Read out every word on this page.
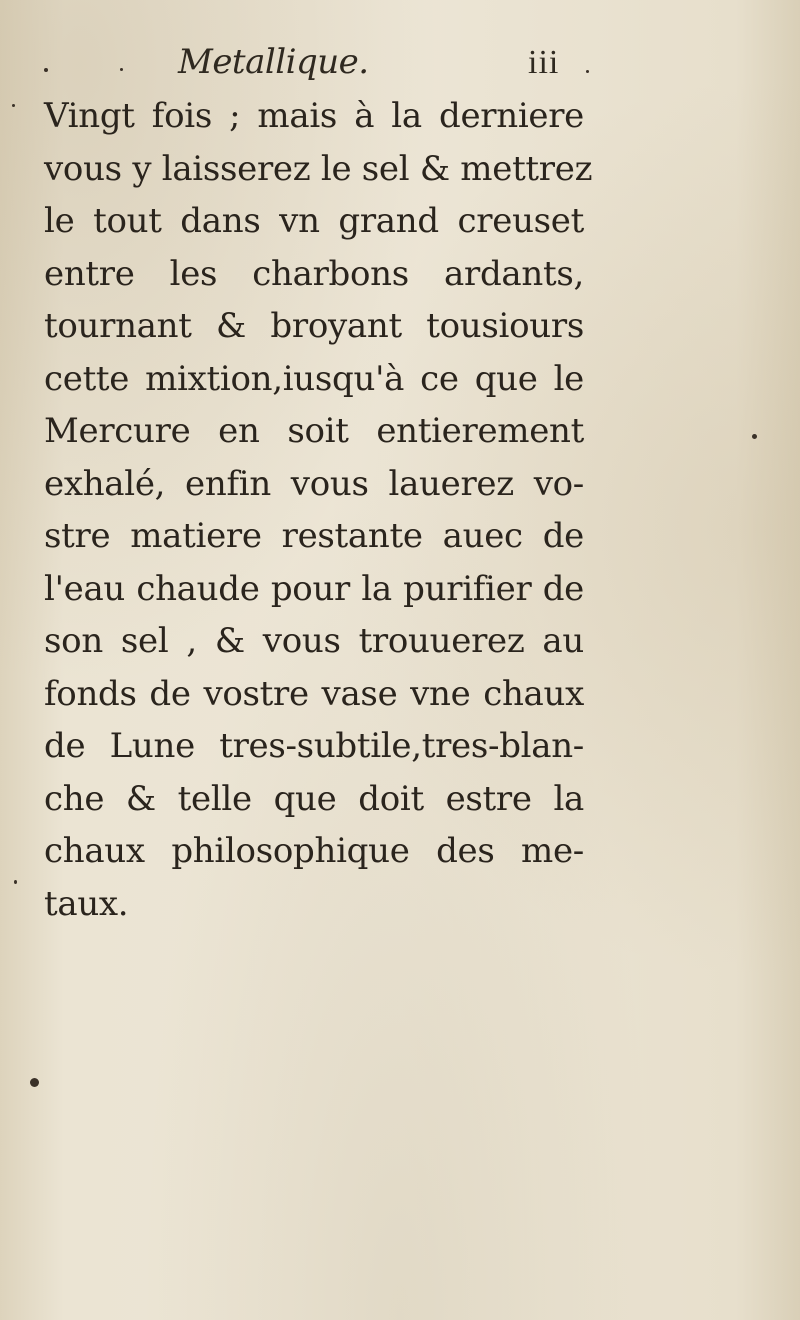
Metallique.	iii
Vingt fois ; mais à la derniere
vous y laisserez le sel & mettrez
le tout dans vn grand creuset
entre les charbons ardants,
tournant & broyant tousiours
cette mixtion,iusqu'à ce que le
Mercure en soit entierement
exhalé, enfin vous lauerez vo-
stre matiere restante auec de
l'eau chaude pour la purifier de
son sel , & vous trouuerez au
fonds de vostre vase vne chaux
de Lune tres-subtile,tres-blan-
che & telle que doit estre la
chaux philosophique des me-
taux.
